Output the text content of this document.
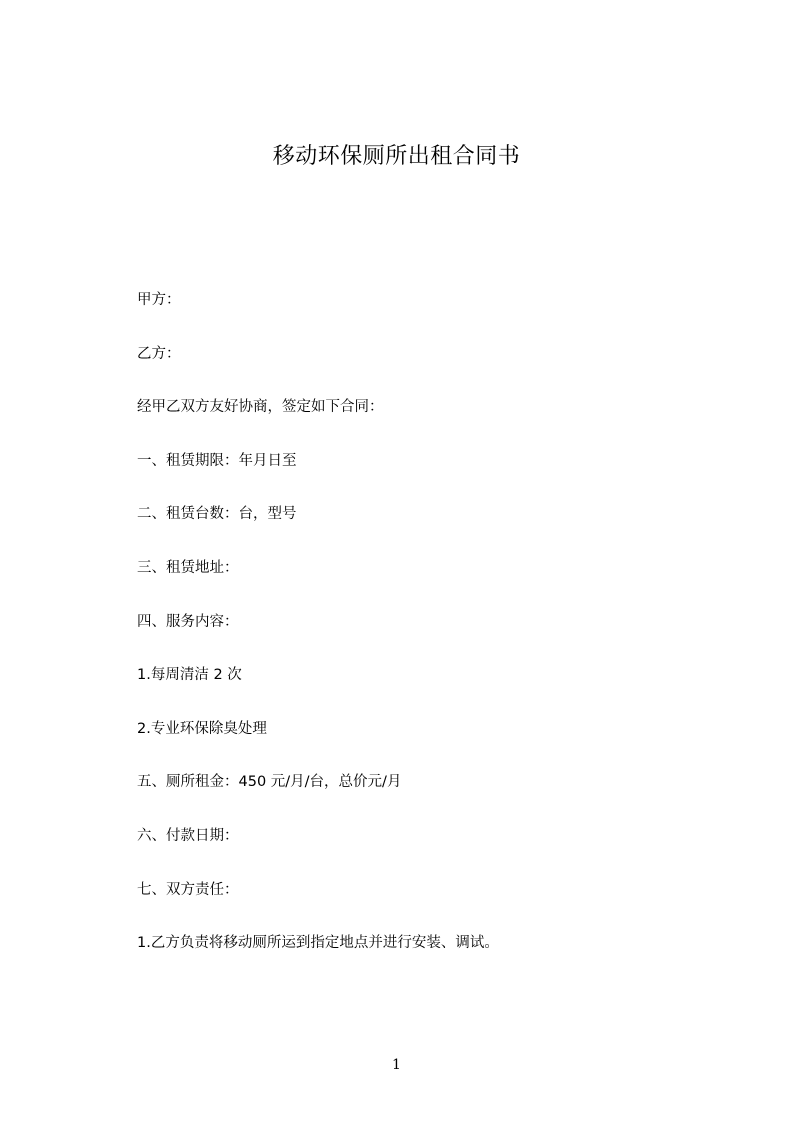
移动环保厕所出租合同书
甲方：
乙方：
经甲乙双方友好协商，签定如下合同：
一、租赁期限：年月日至
二、租赁台数：台，型号
三、租赁地址：
四、服务内容：
1.每周清洁 2 次
2.专业环保除臭处理
五、厕所租金：450 元/月/台，总价元/月
六、付款日期：
七、双方责任：
1.乙方负责将移动厕所运到指定地点并进行安装、调试。
1
